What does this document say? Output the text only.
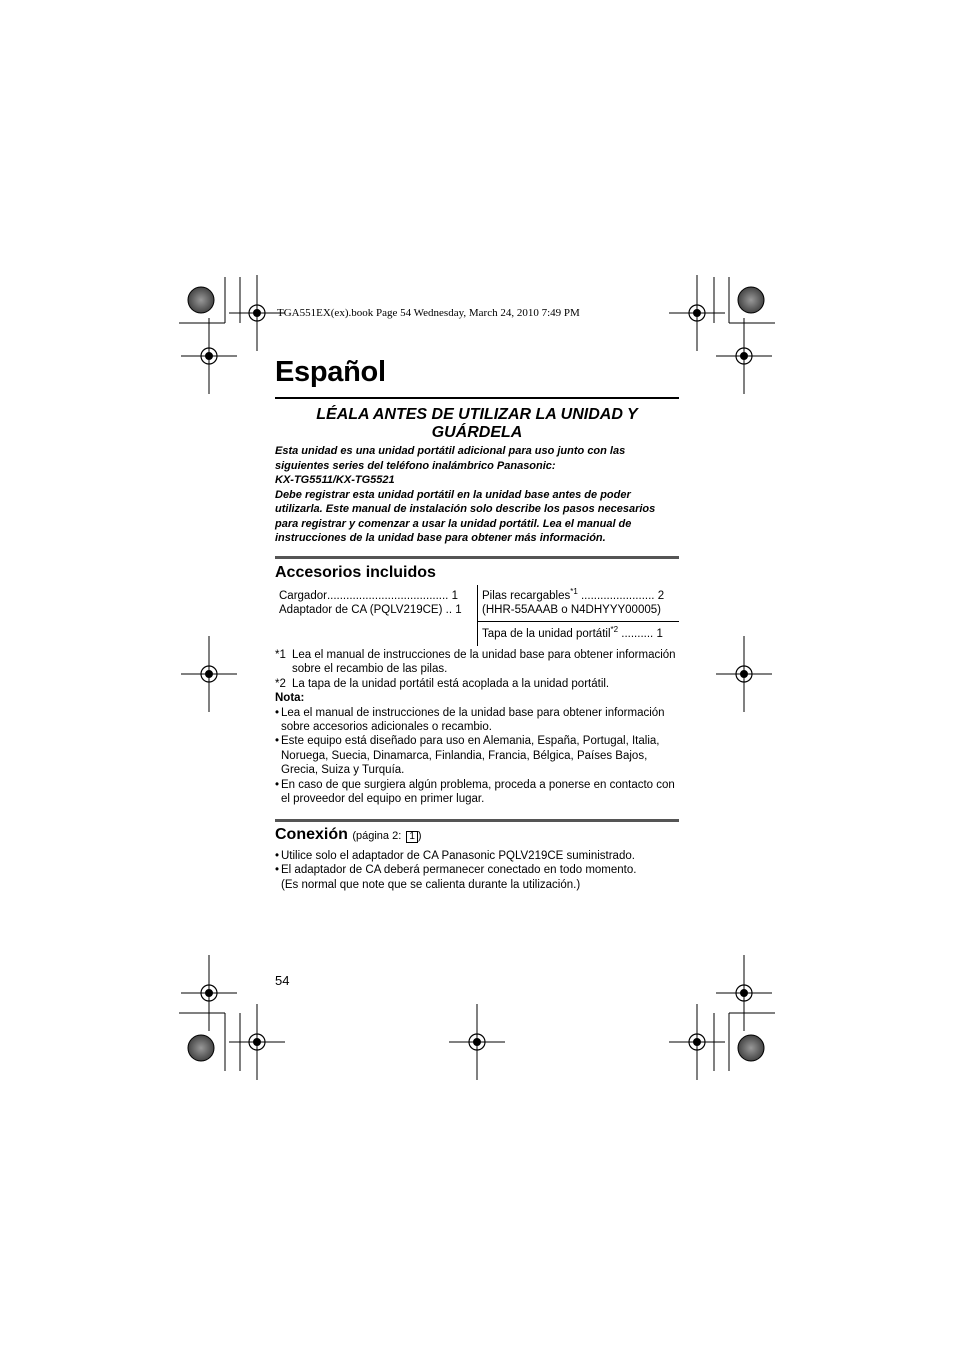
TGA551EX(ex).book Page 54 Wednesday, March 24, 2010 7:49 PM
Español
LÉALA ANTES DE UTILIZAR LA UNIDAD Y
GUÁRDELA
Esta unidad es una unidad portátil adicional para uso junto con las
siguientes series del teléfono inalámbrico Panasonic:
KX-TG5511/KX-TG5521
Debe registrar esta unidad portátil en la unidad base antes de poder
utilizarla. Este manual de instalación solo describe los pasos necesarios
para registrar y comenzar a usar la unidad portátil. Lea el manual de
instrucciones de la unidad base para obtener más información.
Accesorios incluidos
Cargador...................................... 1
Adaptador de CA (PQLV219CE) .. 1
Pilas recargables$^{*1}$ ....................... 2
(HHR-55AAAB o N4DHYYY00005)
Tapa de la unidad portátil$^{*2}$ .......... 1
*1 Lea el manual de instrucciones de la unidad base para obtener información
sobre el recambio de las pilas.
*2 La tapa de la unidad portátil está acoplada a la unidad portátil.
Nota:
• Lea el manual de instrucciones de la unidad base para obtener información
sobre accesorios adicionales o recambio.
• Este equipo está diseñado para uso en Alemania, España, Portugal, Italia,
Noruega, Suecia, Dinamarca, Finlandia, Francia, Bélgica, Países Bajos,
Grecia, Suiza y Turquía.
• En caso de que surgiera algún problema, proceda a ponerse en contacto con
el proveedor del equipo en primer lugar.
Conexión (página 2: 1 )
• Utilice solo el adaptador de CA Panasonic PQLV219CE suministrado.
• El adaptador de CA deberá permanecer conectado en todo momento.
(Es normal que note que se calienta durante la utilización.)
54
